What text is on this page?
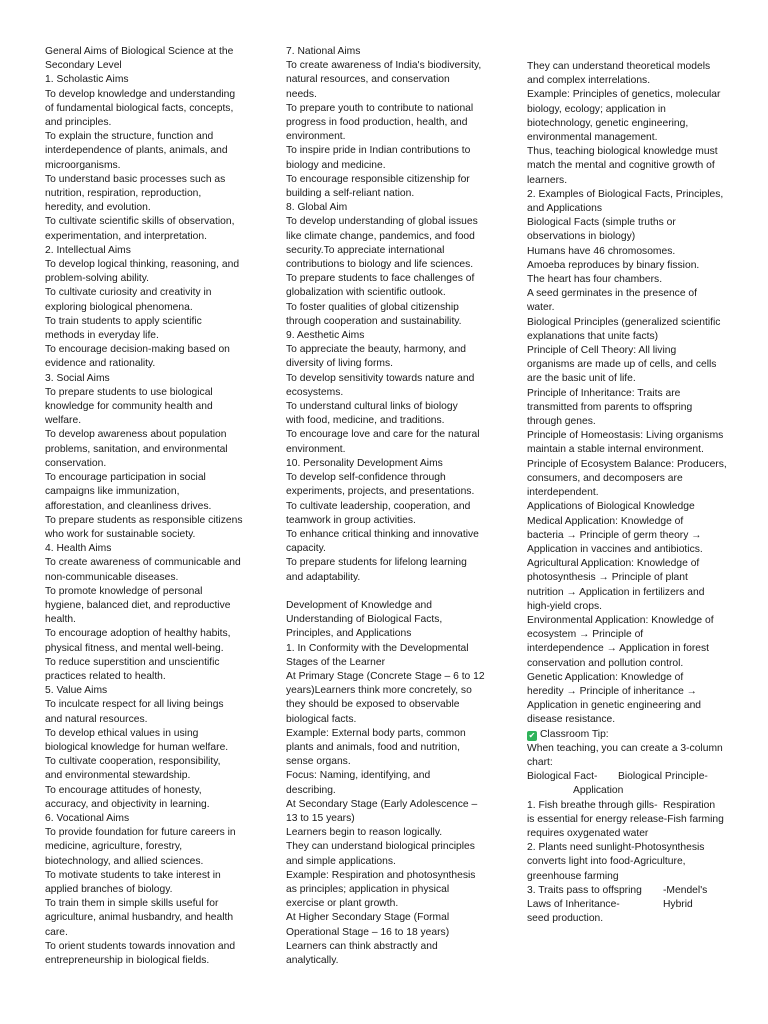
General Aims of Biological Science at the
Secondary Level
1. Scholastic Aims
To develop knowledge and understanding
of fundamental biological facts, concepts,
and principles.
To explain the structure, function and
interdependence of plants, animals, and
microorganisms.
To understand basic processes such as
nutrition, respiration, reproduction,
heredity, and evolution.
To cultivate scientific skills of observation,
experimentation, and interpretation.
2. Intellectual Aims
To develop logical thinking, reasoning, and
problem-solving ability.
To cultivate curiosity and creativity in
exploring biological phenomena.
To train students to apply scientific
methods in everyday life.
To encourage decision-making based on
evidence and rationality.
3. Social Aims
To prepare students to use biological
knowledge for community health and
welfare.
To develop awareness about population
problems, sanitation, and environmental
conservation.
To encourage participation in social
campaigns like immunization,
afforestation, and cleanliness drives.
To prepare students as responsible citizens
who work for sustainable society.
4. Health Aims
To create awareness of communicable and
non-communicable diseases.
To promote knowledge of personal
hygiene, balanced diet, and reproductive
health.
To encourage adoption of healthy habits,
physical fitness, and mental well-being.
To reduce superstition and unscientific
practices related to health.
5. Value Aims
To inculcate respect for all living beings
and natural resources.
To develop ethical values in using
biological knowledge for human welfare.
To cultivate cooperation, responsibility,
and environmental stewardship.
To encourage attitudes of honesty,
accuracy, and objectivity in learning.
6. Vocational Aims
To provide foundation for future careers in
medicine, agriculture, forestry,
biotechnology, and allied sciences.
To motivate students to take interest in
applied branches of biology.
To train them in simple skills useful for
agriculture, animal husbandry, and health
care.
To orient students towards innovation and
entrepreneurship in biological fields.
7. National Aims
To create awareness of India's biodiversity,
natural resources, and conservation
needs.
To prepare youth to contribute to national
progress in food production, health, and
environment.
To inspire pride in Indian contributions to
biology and medicine.
To encourage responsible citizenship for
building a self-reliant nation.
8. Global Aim
To develop understanding of global issues
like climate change, pandemics, and food
security.To appreciate international
contributions to biology and life sciences.
To prepare students to face challenges of
globalization with scientific outlook.
To foster qualities of global citizenship
through cooperation and sustainability.
9. Aesthetic Aims
To appreciate the beauty, harmony, and
diversity of living forms.
To develop sensitivity towards nature and
ecosystems.
To understand cultural links of biology
with food, medicine, and traditions.
To encourage love and care for the natural
environment.
10. Personality Development Aims
To develop self-confidence through
experiments, projects, and presentations.
To cultivate leadership, cooperation, and
teamwork in group activities.
To enhance critical thinking and innovative
capacity.
To prepare students for lifelong learning
and adaptability.
Development of Knowledge and
Understanding of Biological Facts,
Principles, and Applications
1. In Conformity with the Developmental
Stages of the Learner
At Primary Stage (Concrete Stage – 6 to 12
years)Learners think more concretely, so
they should be exposed to observable
biological facts.
Example: External body parts, common
plants and animals, food and nutrition,
sense organs.
Focus: Naming, identifying, and
describing.
At Secondary Stage (Early Adolescence –
13 to 15 years)
Learners begin to reason logically.
They can understand biological principles
and simple applications.
Example: Respiration and photosynthesis
as principles; application in physical
exercise or plant growth.
At Higher Secondary Stage (Formal
Operational Stage – 16 to 18 years)
Learners can think abstractly and
analytically.
They can understand theoretical models
and complex interrelations.
Example: Principles of genetics, molecular
biology, ecology; application in
biotechnology, genetic engineering,
environmental management.
Thus, teaching biological knowledge must
match the mental and cognitive growth of
learners.
2. Examples of Biological Facts, Principles,
and Applications
Biological Facts (simple truths or
observations in biology)
Humans have 46 chromosomes.
Amoeba reproduces by binary fission.
The heart has four chambers.
A seed germinates in the presence of
water.
Biological Principles (generalized scientific
explanations that unite facts)
Principle of Cell Theory: All living
organisms are made up of cells, and cells
are the basic unit of life.
Principle of Inheritance: Traits are
transmitted from parents to offspring
through genes.
Principle of Homeostasis: Living organisms
maintain a stable internal environment.
Principle of Ecosystem Balance: Producers,
consumers, and decomposers are
interdependent.
Applications of Biological Knowledge
Medical Application: Knowledge of
bacteria → Principle of germ theory →
Application in vaccines and antibiotics.
Agricultural Application: Knowledge of
photosynthesis → Principle of plant
nutrition → Application in fertilizers and
high-yield crops.
Environmental Application: Knowledge of
ecosystem → Principle of
interdependence → Application in forest
conservation and pollution control.
Genetic Application: Knowledge of
heredity → Principle of inheritance →
Application in genetic engineering and
disease resistance.
✔ Classroom Tip:
When teaching, you can create a 3-column
chart:
Biological Fact- Biological Principle-
Application
1. Fish breathe through gills- Respiration
is essential for energy release-Fish farming
requires oxygenated water
2. Plants need sunlight-Photosynthesis
converts light into food-Agriculture,
greenhouse farming
3. Traits pass to offspring -Mendel's
Laws of Inheritance-	Hybrid
seed production.
